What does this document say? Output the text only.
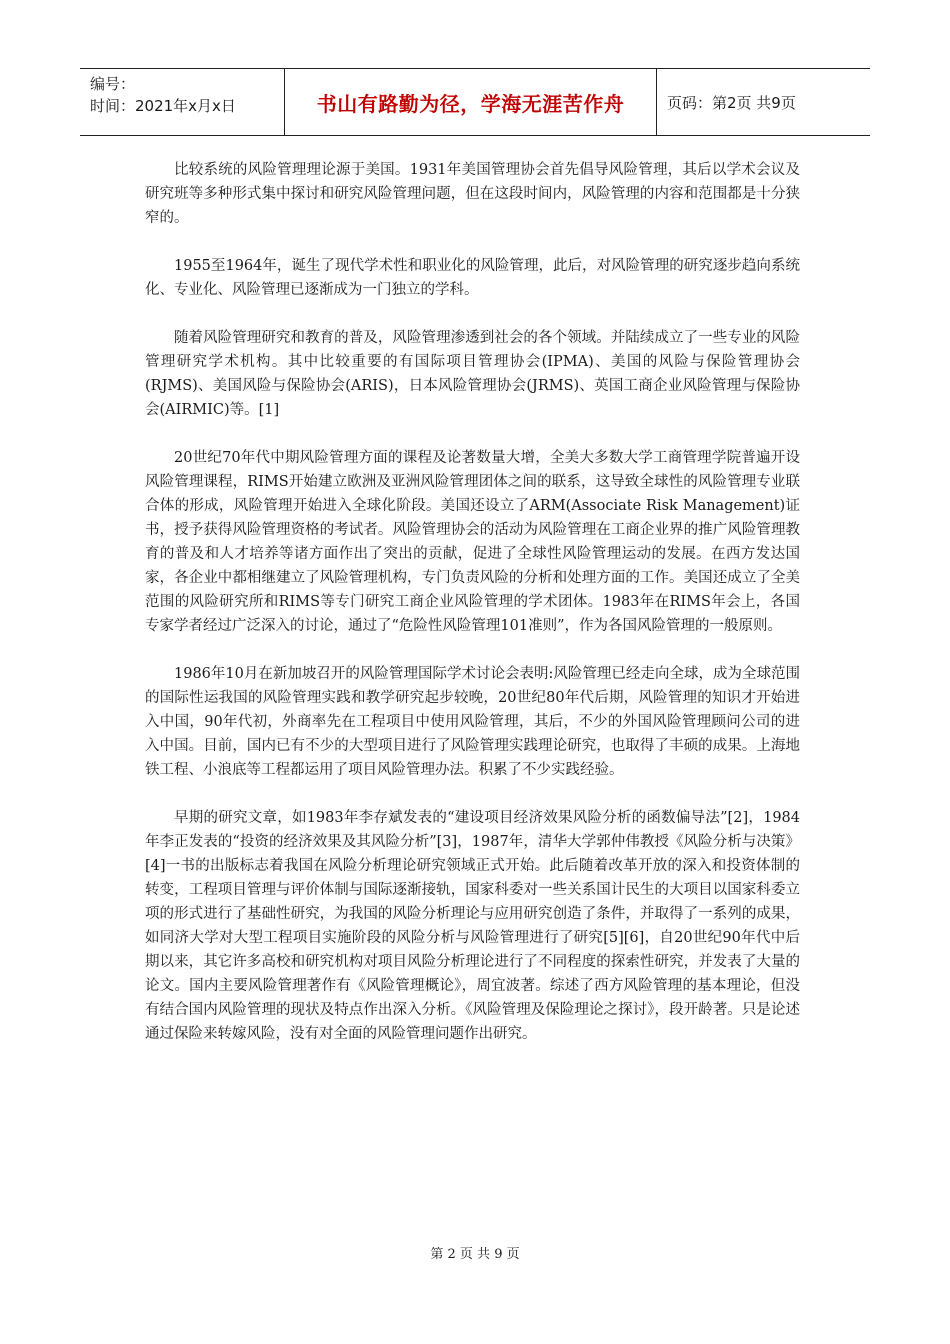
编号：
时间：2021年x月x日	书山有路勤为径，学海无涯苦作舟	页码：第2页 共9页

比较系统的风险管理理论源于美国。1931年美国管理协会首先倡导风险管理，其后以学术会议及研究班等多种形式集中探讨和研究风险管理问题，但在这段时间内，风险管理的内容和范围都是十分狭窄的。

1955至1964年，诞生了现代学术性和职业化的风险管理，此后，对风险管理的研究逐步趋向系统化、专业化、风险管理已逐渐成为一门独立的学科。

随着风险管理研究和教育的普及，风险管理渗透到社会的各个领域。并陆续成立了一些专业的风险管理研究学术机构。其中比较重要的有国际项目管理协会(IPMA)、美国的风险与保险管理协会(RJMS)、美国风险与保险协会(ARIS)，日本风险管理协会(JRMS)、英国工商企业风险管理与保险协会(AIRMIC)等。[1]

20世纪70年代中期风险管理方面的课程及论著数量大增，全美大多数大学工商管理学院普遍开设风险管理课程，RIMS开始建立欧洲及亚洲风险管理团体之间的联系，这导致全球性的风险管理专业联合体的形成，风险管理开始进入全球化阶段。美国还设立了ARM(Associate Risk Management)证书，授予获得风险管理资格的考试者。风险管理协会的活动为风险管理在工商企业界的推广风险管理教育的普及和人才培养等诸方面作出了突出的贡献，促进了全球性风险管理运动的发展。在西方发达国家，各企业中都相继建立了风险管理机构，专门负责风险的分析和处理方面的工作。美国还成立了全美范围的风险研究所和RIMS等专门研究工商企业风险管理的学术团体。1983年在RIMS年会上，各国专家学者经过广泛深入的讨论，通过了“危险性风险管理101准则”，作为各国风险管理的一般原则。

1986年10月在新加坡召开的风险管理国际学术讨论会表明:风险管理已经走向全球，成为全球范围的国际性运我国的风险管理实践和教学研究起步较晚，20世纪80年代后期，风险管理的知识才开始进入中国，90年代初，外商率先在工程项目中使用风险管理，其后，不少的外国风险管理顾问公司的进入中国。目前，国内已有不少的大型项目进行了风险管理实践理论研究，也取得了丰硕的成果。上海地铁工程、小浪底等工程都运用了项目风险管理办法。积累了不少实践经验。

早期的研究文章，如1983年李存斌发表的“建设项目经济效果风险分析的函数偏导法”[2]，1984年李正发表的“投资的经济效果及其风险分析”[3]，1987年，清华大学郭仲伟教授《风险分析与决策》[4]一书的出版标志着我国在风险分析理论研究领域正式开始。此后随着改革开放的深入和投资体制的转变，工程项目管理与评价体制与国际逐渐接轨，国家科委对一些关系国计民生的大项目以国家科委立项的形式进行了基础性研究，为我国的风险分析理论与应用研究创造了条件，并取得了一系列的成果，如同济大学对大型工程项目实施阶段的风险分析与风险管理进行了研究[5][6]，自20世纪90年代中后期以来，其它许多高校和研究机构对项目风险分析理论进行了不同程度的探索性研究，并发表了大量的论文。国内主要风险管理著作有《风险管理概论》，周宜波著。综述了西方风险管理的基本理论，但没有结合国内风险管理的现状及特点作出深入分析。《风险管理及保险理论之探讨》，段开龄著。只是论述通过保险来转嫁风险，没有对全面的风险管理问题作出研究。

第 2 页 共 9 页
